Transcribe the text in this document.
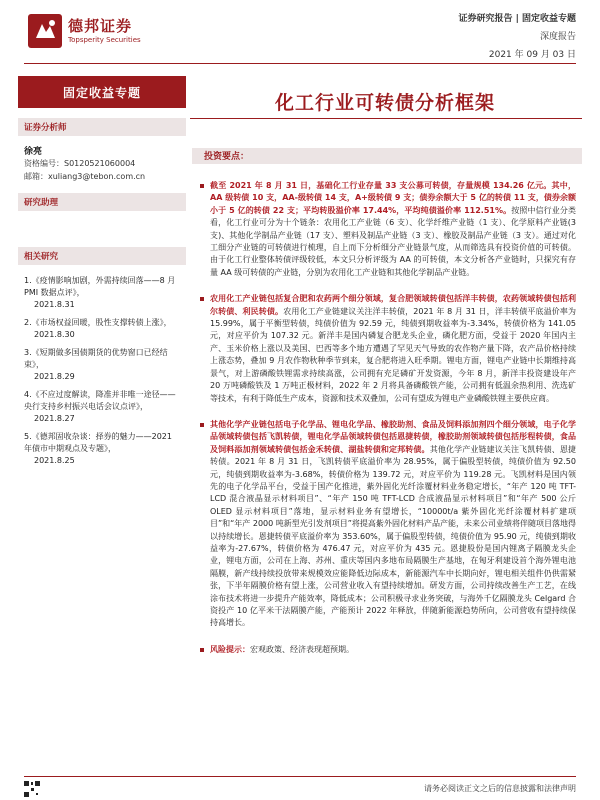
德邦证券
Topsperity Securities
证券研究报告 | 固定收益专题
深度报告
2021 年 09 月 03 日
固定收益专题
证券分析师
徐亮
资格编号：S0120521060004
邮箱：xuliang3@tebon.com.cn
研究助理
相关研究
1.《疫情影响加剧，外需持续回落——8 月 PMI 数据点评》，
2021.8.31
2.《市场权益回暖，股性支撑转债上涨》，
2021.8.30
3.《短期做多国债期货的优势窗口已经结束》，
2021.8.29
4.《不应过度解读，降准并非唯一途径——央行支持乡村振兴电话会议点评》，
2021.8.27
5.《德邦固收杂谈：择券的魅力——2021 年债市中期观点及专题》，
2021.8.25
化工行业可转债分析框架
投资要点：

截至 2021 年 8 月 31 日，基础化工行业存量 33 支公募可转债，存量规模 134.26 亿元。其中，AA 级转债 10 支，AA-级转债 14 支，A+级转债 9 支；债券余额大于 5 亿的转债 11 支，债券余额小于 5 亿的转债 22 支；平均转股溢价率 17.44%，平均纯债溢价率 112.51%。按照中信行业分类看，化工行业可分为十个链条：农用化工产业链（6 支）、化学纤维产业链（1 支）、化学原料产业链(3 支)、其他化学制品产业链（17 支）、塑料及制品产业链（3 支）、橡胶及制品产业链（3 支）。通过对化工细分产业链的可转债进行梳理，自上而下分析细分产业链景气度，从而筛选具有投资价值的可转债。由于化工行业整体转债评级较低，本文只分析评级为 AA 的可转债，本文分析各产业链时，只探究有存量 AA 级可转债的产业链，分别为农用化工产业链和其他化学制品产业链。

农用化工产业链包括复合肥和农药两个细分领域，复合肥领域转债包括洋丰转债，农药领域转债包括利尔转债、利民转债。农用化工产业链建议关注洋丰转债，2021 年 8 月 31 日，洋丰转债平底溢价率为 15.99%，属于平衡型转债，纯债价值为 92.59 元，纯债到期收益率为-3.34%，转债价格为 141.05 元，对应平价为 107.32 元。新洋丰是国内磷复合肥龙头企业，磷化肥方面，受益于 2020 年国内主产、玉米价格上涨以及美国、巴西等多个地方遭遇了罕见天气导致的农作物产量下降，农产品价格持续上涨态势，叠加 9 月农作物秋种季节到来，复合肥将进入旺季期。锂电方面，锂电产业链中长期维持高景气，对上游磷酸铁锂需求持续高涨，公司拥有充足磷矿开发资源，今年 8 月，新洋丰投资建设年产 20 万吨磷酸铁及 1 万吨正极材料，2022 年 2 月将具备磷酸铁产能，公司拥有低温余热利用、洗选矿等技术，有利于降低生产成本，资源和技术双叠加，公司有望成为锂电产业磷酸铁锂主要供应商。

其他化学产业链包括电子化学品、锂电化学品、橡胶助剂、食品及饲料添加剂四个细分领域，电子化学品领域转债包括飞凯转债，锂电化学品领域转债包括恩捷转债，橡胶助剂领域转债包括彤程转债，食品及饲料添加剂领域转债包括金禾转债、湖盐转债和定邦转债。其他化学产业链建议关注飞凯转债、恩捷转债。2021 年 8 月 31 日，飞凯转债平底溢价率为 28.95%，属于偏股型转债，纯债价值为 92.50 元，纯债到期收益率为-3.68%，转债价格为 139.72 元，对应平价为 119.28 元。飞凯材料是国内领先的电子化学品平台，受益于国产化推进，紫外固化光纤涂覆材料业务稳定增长，“年产 120 吨 TFT-LCD 混合液晶显示材料项目”、“年产 150 吨 TFT-LCD 合成液晶显示材料项目”和“年产 500 公斤 OLED 显示材料项目”落地，显示材料业务有望增长，“10000t/a 紫外固化光纤涂覆材料扩建项目”和“年产 2000 吨新型光引发剂项目”将提高紫外固化材料产品产能，未来公司业绩将伴随项目落地得以持续增长。恩捷转债平底溢价率为 353.60%，属于偏股型转债，纯债价值为 95.90 元，纯债到期收益率为-27.67%，转债价格为 476.47 元，对应平价为 435 元。恩捷股份是国内锂离子隔膜龙头企业，锂电方面，公司在上海、苏州、重庆等国内多地布局隔膜生产基地，在匈牙利建设首个海外锂电池隔膜，新产线持续投放带来规模效应能降低边际成本，新能源汽车中长期向好，锂电相关组件仍供需紧张，下半年隔膜价格有望上涨，公司营业收入有望持续增加。研发方面，公司持续改善生产工艺，在线涂布技术将进一步提升产能效率，降低成本；公司积极寻求业务突破，与海外千亿隔膜龙头 Celgard 合资投产 10 亿平米干法隔膜产能，产能预计 2022 年释放，伴随新能源趋势所向，公司营收有望持续保持高增长。

风险提示：宏观政策、经济表现超预期。

请务必阅读正文之后的信息披露和法律声明
